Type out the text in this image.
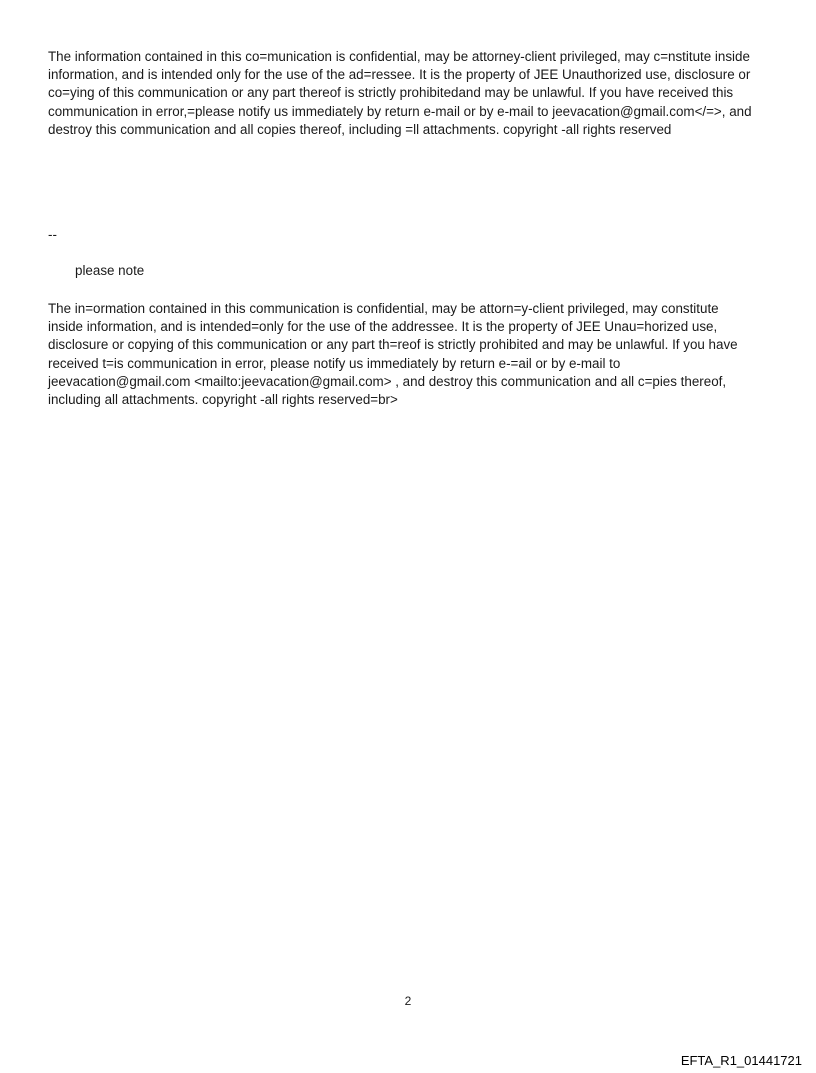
The information contained in this co=munication is confidential, may be attorney-client privileged, may c=nstitute inside
information, and is intended only for the use of the ad=ressee. It is the property of JEE Unauthorized use, disclosure or
co=ying of this communication or any part thereof is strictly prohibitedand may be unlawful. If you have received this
communication in error,=please notify us immediately by return e-mail or by e-mail to jeevacation@gmail.com</=>, and
destroy this communication and all copies thereof, including =ll attachments. copyright -all rights reserved
--
please note
The in=ormation contained in this communication is confidential, may be attorn=y-client privileged, may constitute
inside information, and is intended=only for the use of the addressee. It is the property of JEE Unau=horized use,
disclosure or copying of this communication or any part th=reof is strictly prohibited and may be unlawful. If you have
received t=is communication in error, please notify us immediately by return e-=ail or by e-mail to
jeevacation@gmail.com <mailto:jeevacation@gmail.com> , and destroy this communication and all c=pies thereof,
including all attachments. copyright -all rights reserved=br>
2
EFTA_R1_01441721
